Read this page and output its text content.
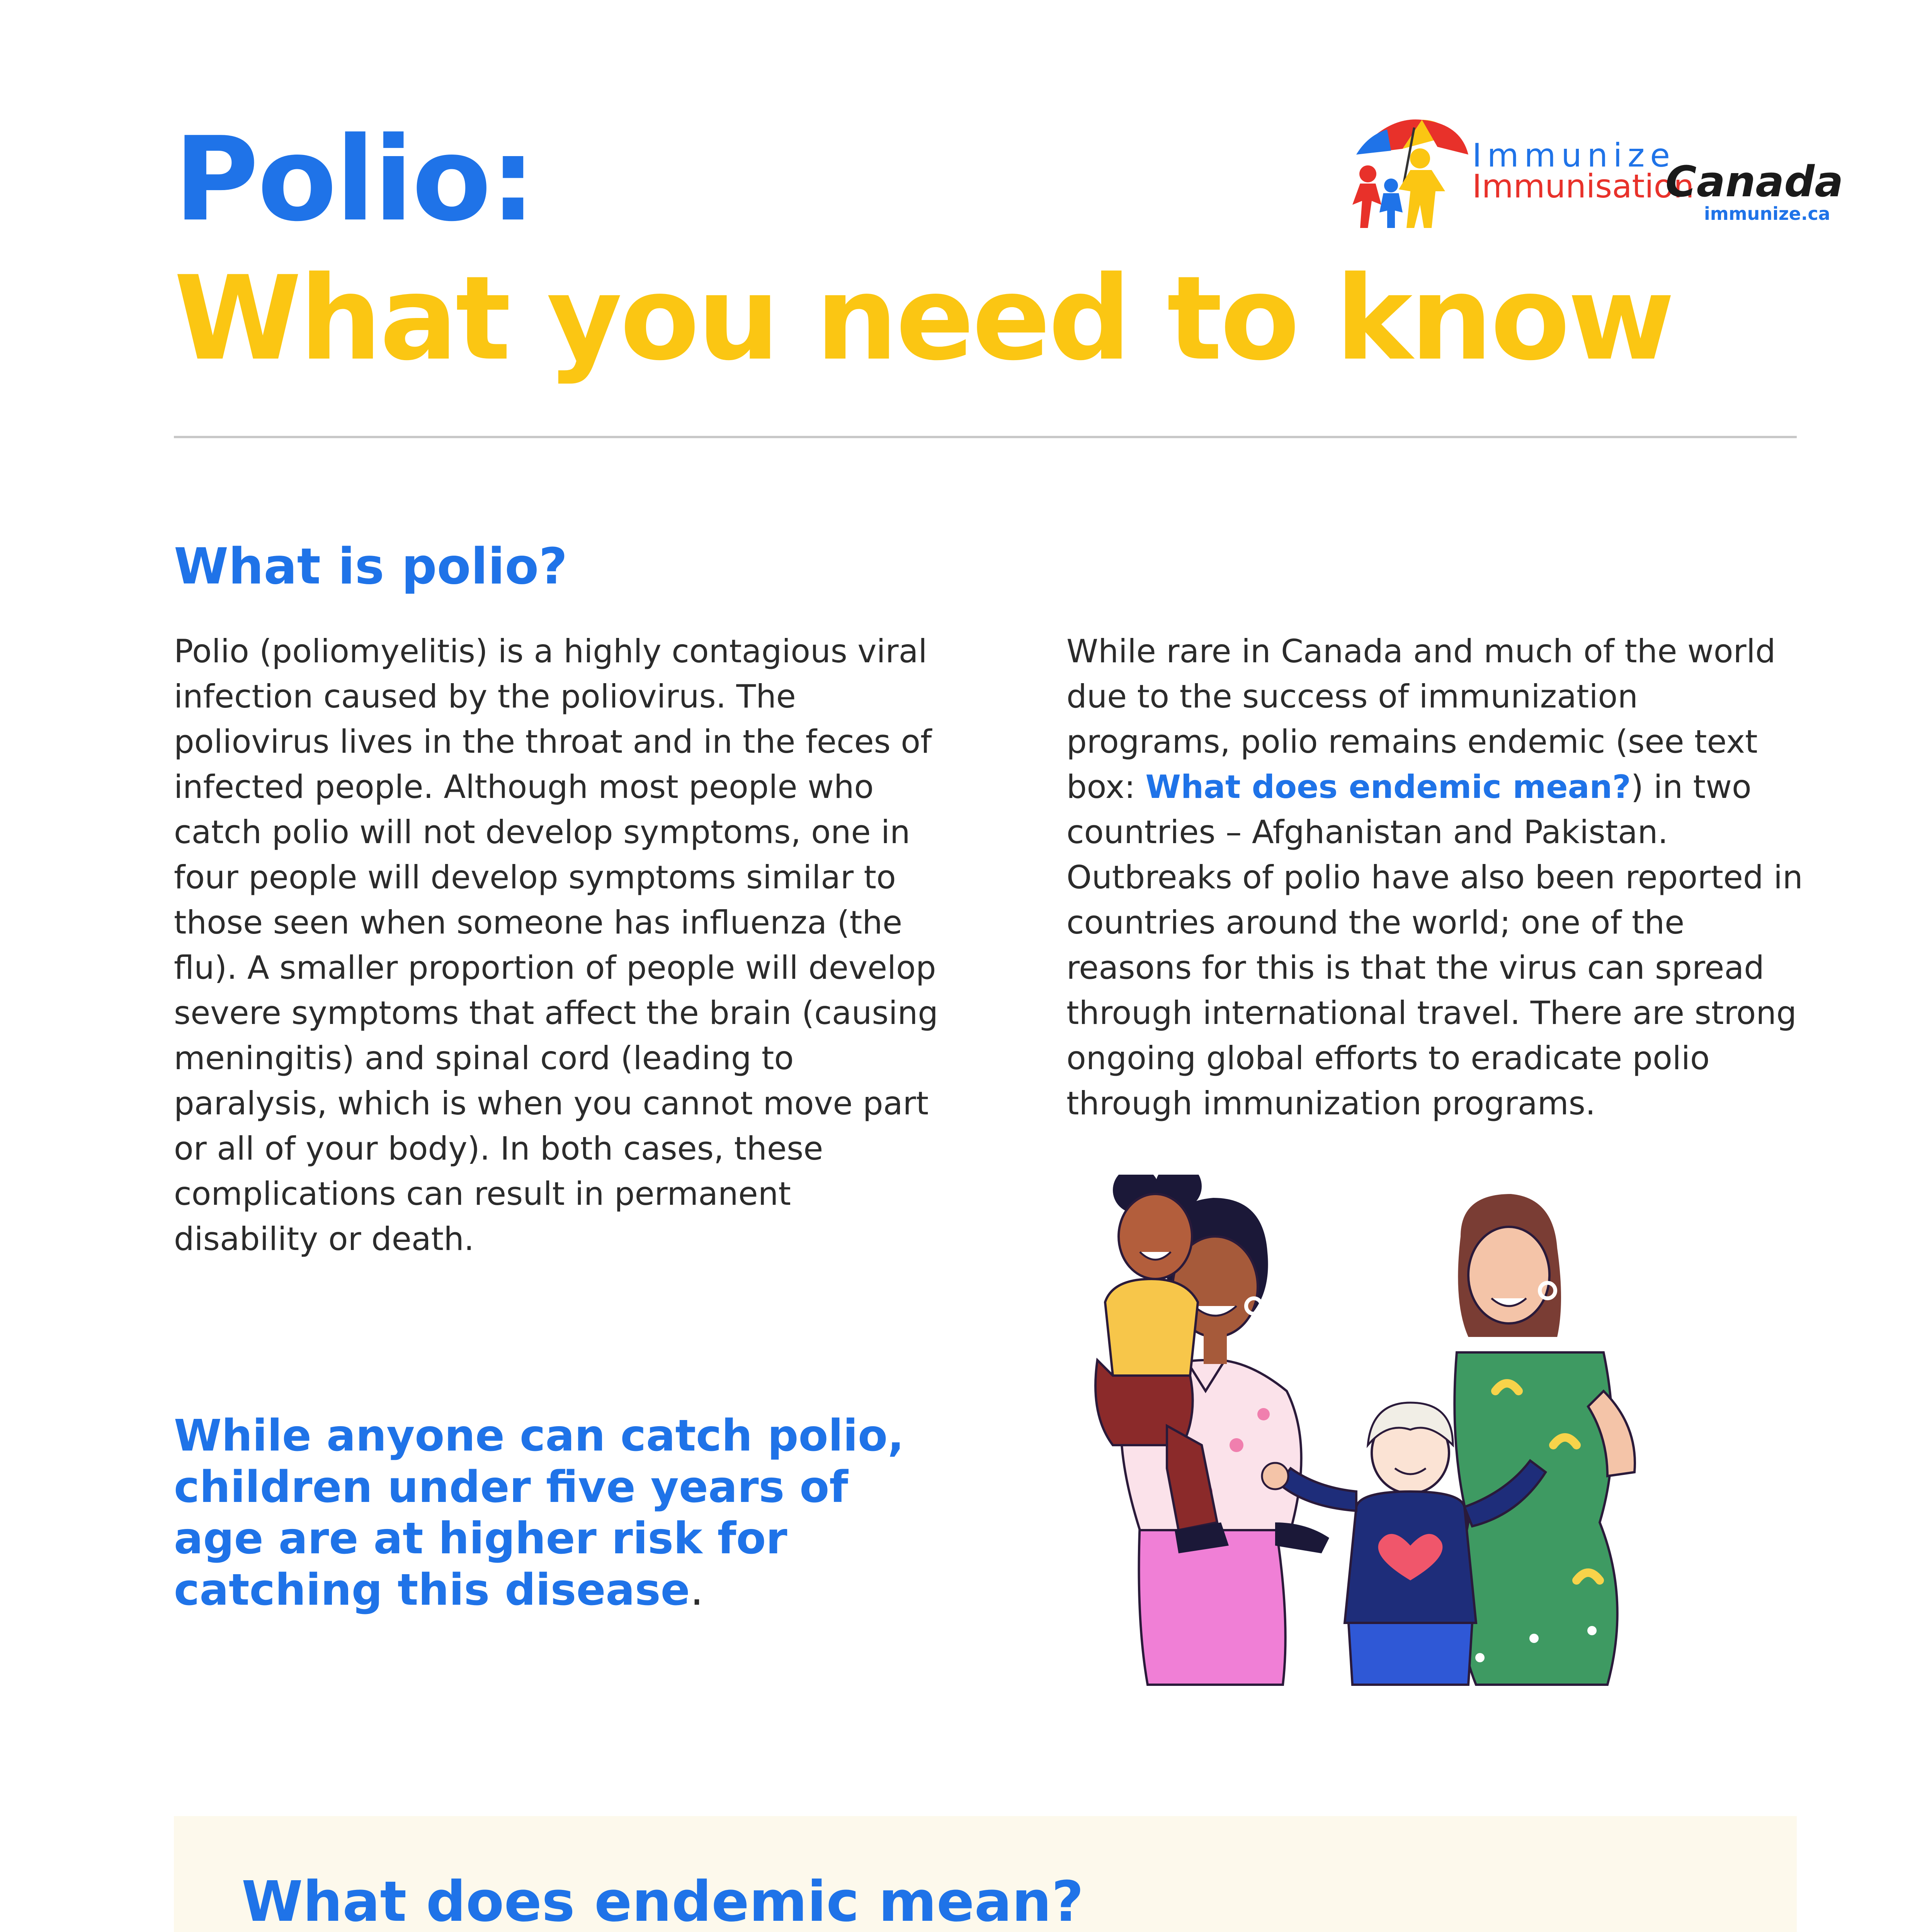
Polio:
What you need to know
Immunize
Immunisation
Canada
immunize.ca
What is polio?
Polio (poliomyelitis) is a highly contagious viral infection caused by the poliovirus. The poliovirus lives in the throat and in the feces of infected people. Although most people who catch polio will not develop symptoms, one in four people will develop symptoms similar to those seen when someone has influenza (the flu). A smaller proportion of people will develop severe symptoms that affect the brain (causing meningitis) and spinal cord (leading to paralysis, which is when you cannot move part or all of your body). In both cases, these complications can result in permanent disability or death.
While rare in Canada and much of the world due to the success of immunization programs, polio remains endemic (see text box: What does endemic mean?) in two countries – Afghanistan and Pakistan. Outbreaks of polio have also been reported in countries around the world; one of the reasons for this is that the virus can spread through international travel. There are strong ongoing global efforts to eradicate polio through immunization programs.
While anyone can catch polio, children under five years of age are at higher risk for catching this disease.
What does endemic mean?
